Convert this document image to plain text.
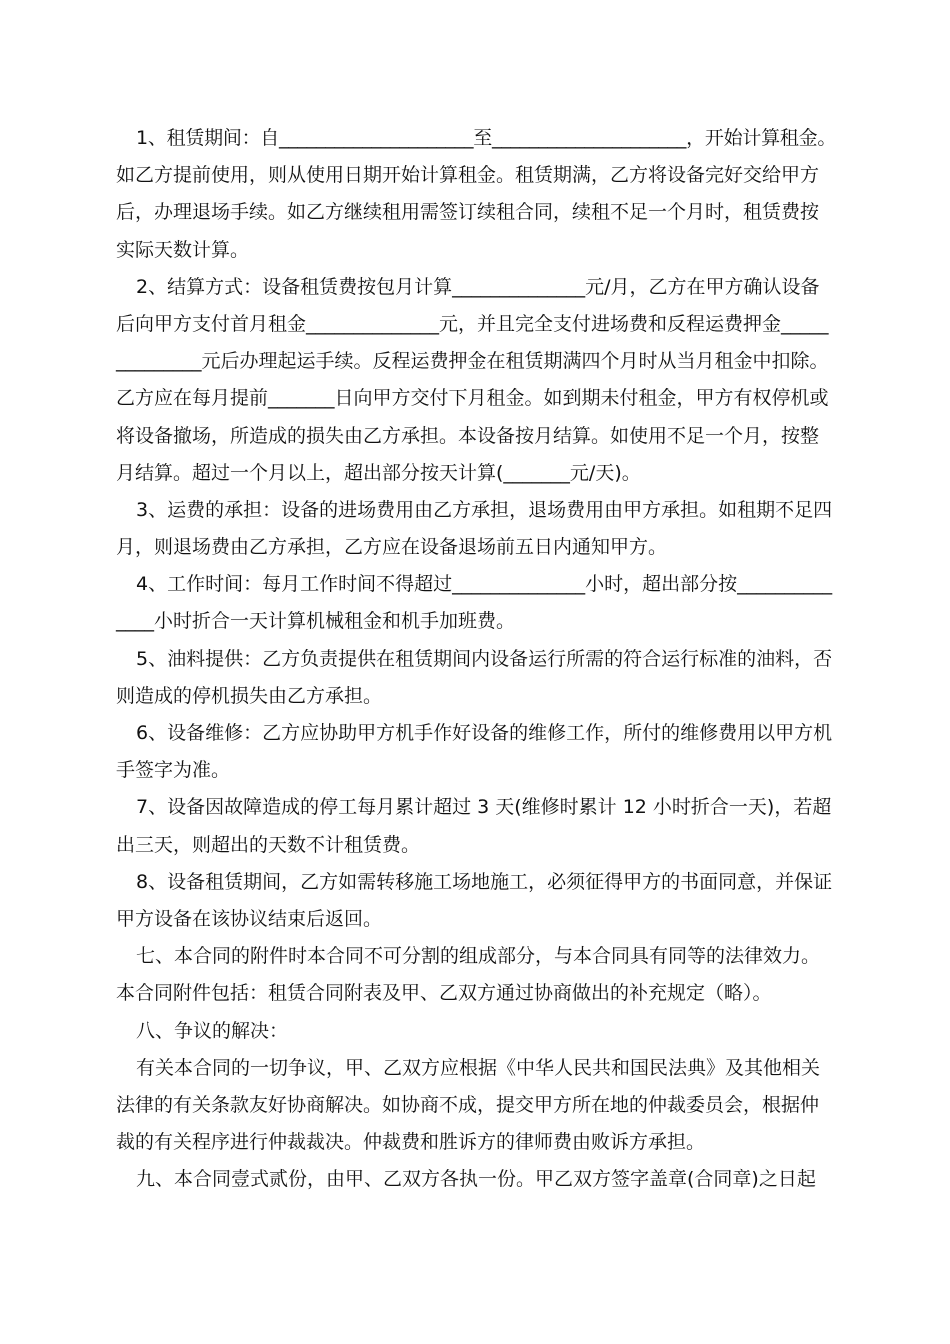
1、租赁期间：自_____________________至_____________________，开始计算租金。
如乙方提前使用，则从使用日期开始计算租金。租赁期满，乙方将设备完好交给甲方
后，办理退场手续。如乙方继续租用需签订续租合同，续租不足一个月时，租赁费按
实际天数计算。
2、结算方式：设备租赁费按包月计算______________元/月，乙方在甲方确认设备
后向甲方支付首月租金______________元，并且完全支付进场费和反程运费押金_____
_________元后办理起运手续。反程运费押金在租赁期满四个月时从当月租金中扣除。
乙方应在每月提前_______日向甲方交付下月租金。如到期未付租金，甲方有权停机或
将设备撤场，所造成的损失由乙方承担。本设备按月结算。如使用不足一个月，按整
月结算。超过一个月以上，超出部分按天计算(_______元/天)。
3、运费的承担：设备的进场费用由乙方承担，退场费用由甲方承担。如租期不足四
月，则退场费由乙方承担，乙方应在设备退场前五日内通知甲方。
4、工作时间：每月工作时间不得超过______________小时，超出部分按__________
____小时折合一天计算机械租金和机手加班费。
5、油料提供：乙方负责提供在租赁期间内设备运行所需的符合运行标准的油料，否
则造成的停机损失由乙方承担。
6、设备维修：乙方应协助甲方机手作好设备的维修工作，所付的维修费用以甲方机
手签字为准。
7、设备因故障造成的停工每月累计超过 3 天(维修时累计 12 小时折合一天)，若超
出三天，则超出的天数不计租赁费。
8、设备租赁期间，乙方如需转移施工场地施工，必须征得甲方的书面同意，并保证
甲方设备在该协议结束后返回。
七、本合同的附件时本合同不可分割的组成部分，与本合同具有同等的法律效力。
本合同附件包括：租赁合同附表及甲、乙双方通过协商做出的补充规定（略）。
八、争议的解决：
有关本合同的一切争议，甲、乙双方应根据《中华人民共和国民法典》及其他相关
法律的有关条款友好协商解决。如协商不成，提交甲方所在地的仲裁委员会，根据仲
裁的有关程序进行仲裁裁决。仲裁费和胜诉方的律师费由败诉方承担。
九、本合同壹式贰份，由甲、乙双方各执一份。甲乙双方签字盖章(合同章)之日起
